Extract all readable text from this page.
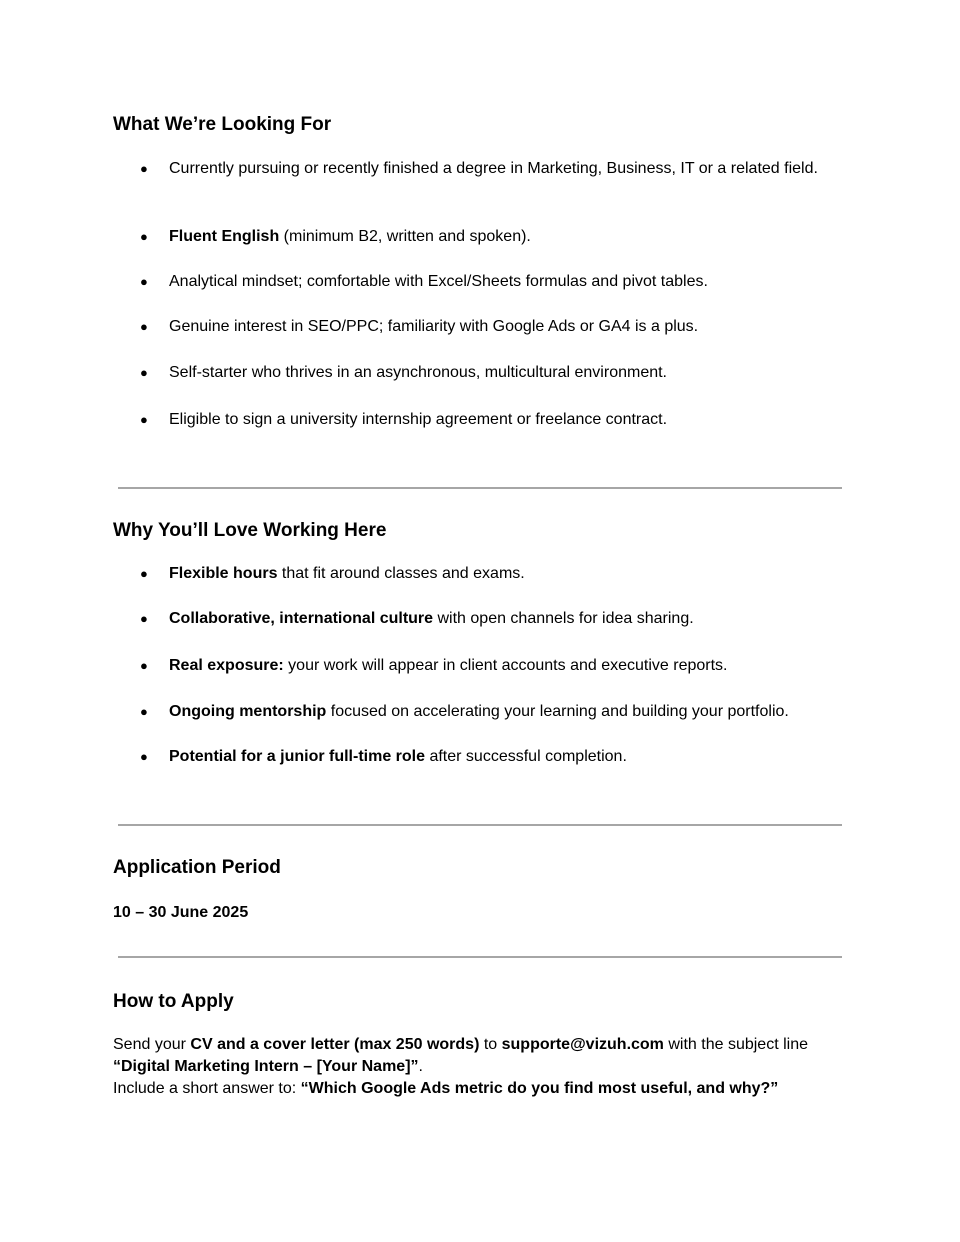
What We’re Looking For
●	Currently pursuing or recently finished a degree in Marketing, Business, IT or a related field.
●	Fluent English (minimum B2, written and spoken).
●	Analytical mindset; comfortable with Excel/Sheets formulas and pivot tables.
●	Genuine interest in SEO/PPC; familiarity with Google Ads or GA4 is a plus.
●	Self-starter who thrives in an asynchronous, multicultural environment.
●	Eligible to sign a university internship agreement or freelance contract.
Why You’ll Love Working Here
●	Flexible hours that fit around classes and exams.
●	Collaborative, international culture with open channels for idea sharing.
●	Real exposure: your work will appear in client accounts and executive reports.
●	Ongoing mentorship focused on accelerating your learning and building your portfolio.
●	Potential for a junior full-time role after successful completion.
Application Period
10 – 30 June 2025
How to Apply
Send your CV and a cover letter (max 250 words) to supporte@vizuh.com with the subject line “Digital Marketing Intern – [Your Name]”.
Include a short answer to: “Which Google Ads metric do you find most useful, and why?”
